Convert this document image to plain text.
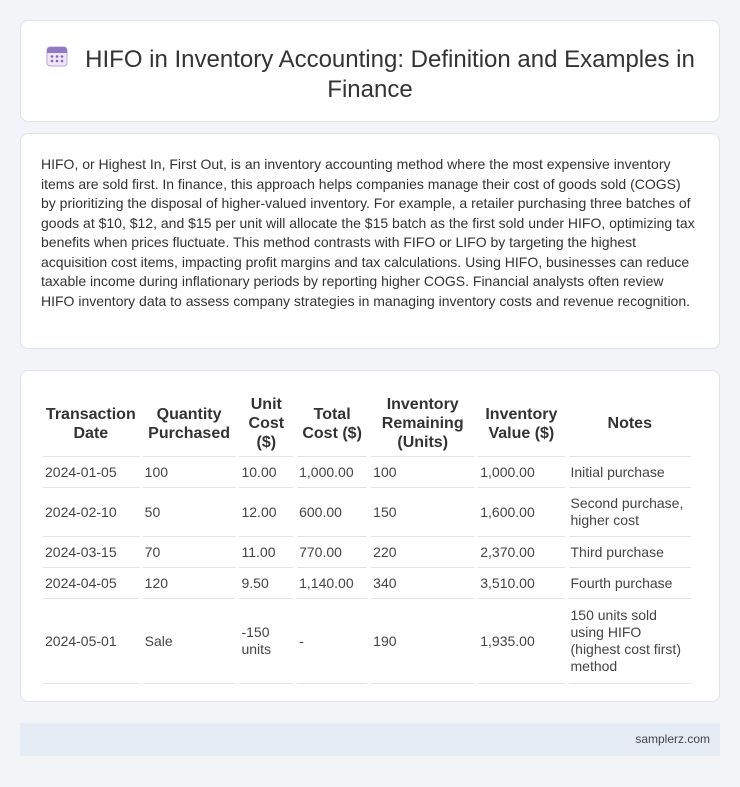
HIFO in Inventory Accounting: Definition and Examples in Finance

HIFO, or Highest In, First Out, is an inventory accounting method where the most expensive inventory items are sold first. In finance, this approach helps companies manage their cost of goods sold (COGS) by prioritizing the disposal of higher-valued inventory. For example, a retailer purchasing three batches of goods at $10, $12, and $15 per unit will allocate the $15 batch as the first sold under HIFO, optimizing tax benefits when prices fluctuate. This method contrasts with FIFO or LIFO by targeting the highest acquisition cost items, impacting profit margins and tax calculations. Using HIFO, businesses can reduce taxable income during inflationary periods by reporting higher COGS. Financial analysts often review HIFO inventory data to assess company strategies in managing inventory costs and revenue recognition.

Transaction Date	Quantity Purchased	Unit Cost ($)	Total Cost ($)	Inventory Remaining (Units)	Inventory Value ($)	Notes
2024-01-05	100	10.00	1,000.00	100	1,000.00	Initial purchase
2024-02-10	50	12.00	600.00	150	1,600.00	Second purchase, higher cost
2024-03-15	70	11.00	770.00	220	2,370.00	Third purchase
2024-04-05	120	9.50	1,140.00	340	3,510.00	Fourth purchase
2024-05-01	Sale	-150 units	-	190	1,935.00	150 units sold using HIFO (highest cost first) method
samplerz.com
